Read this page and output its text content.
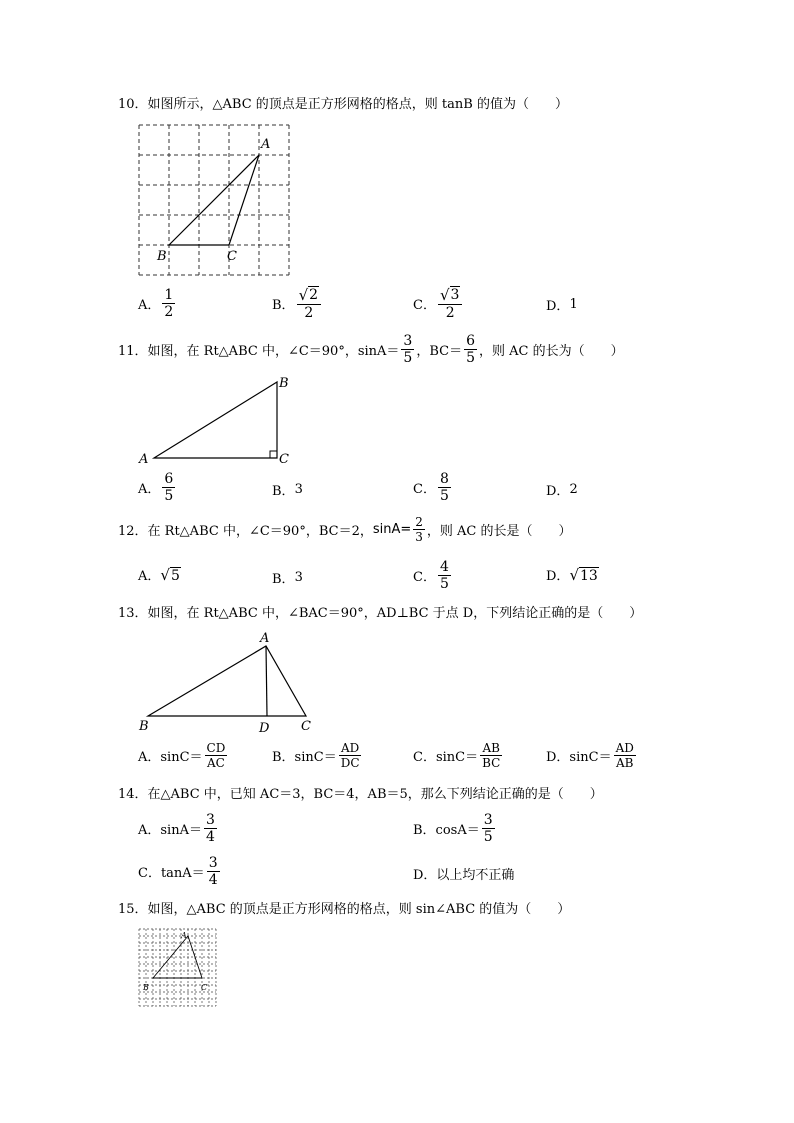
10．如图所示，△ABC 的顶点是正方形网格的格点，则 tanB 的值为（　　）
A
B	C
A． $\frac{1}{2}$	B． $\frac{√ 2}{2}$	C． $\frac{√ 3}{2}$	D． 1
11．如图，在 Rt△ABC 中，∠C＝90°，$\sin A= \frac{3}{5}$ ，$BC= \frac{6}{5}$ ，则 AC 的长为（　　）
A
B
C
A． $\frac{6}{5}$	B． 3	C． $\frac{8}{5}$	D． 2
12．在 Rt△ABC 中，∠C＝90°，BC＝2， $\sin A= \frac{2}{3}$ ，则 AC 的长是（　　）
A． √ 5	B． 3	C． $\frac{4}{5}$	D． √ 13
13．如图，在 Rt△ABC 中，∠BAC＝90°，AD⊥BC 于点 D，下列结论正确的是（　　）
A
B	C
D
A．$\sin C= \frac{CD}{AC}$	B．$\sin C= \frac{AD}{DC}$	C．$\sin C= \frac{AB}{BC}$	D．$\sin C= \frac{AD}{AB}$
14．在△ABC 中，已知 AC＝3，BC＝4，AB＝5，那么下列结论正确的是（　　）
A．$\sin A= \frac{3}{4}$	B．$\cos A= \frac{3}{5}$
C．$\tan A= \frac{3}{4}$	D．以上均不正确
15．如图，△ABC 的顶点是正方形网格的格点，则 sin∠ABC 的值为（　　）
A
B	C
